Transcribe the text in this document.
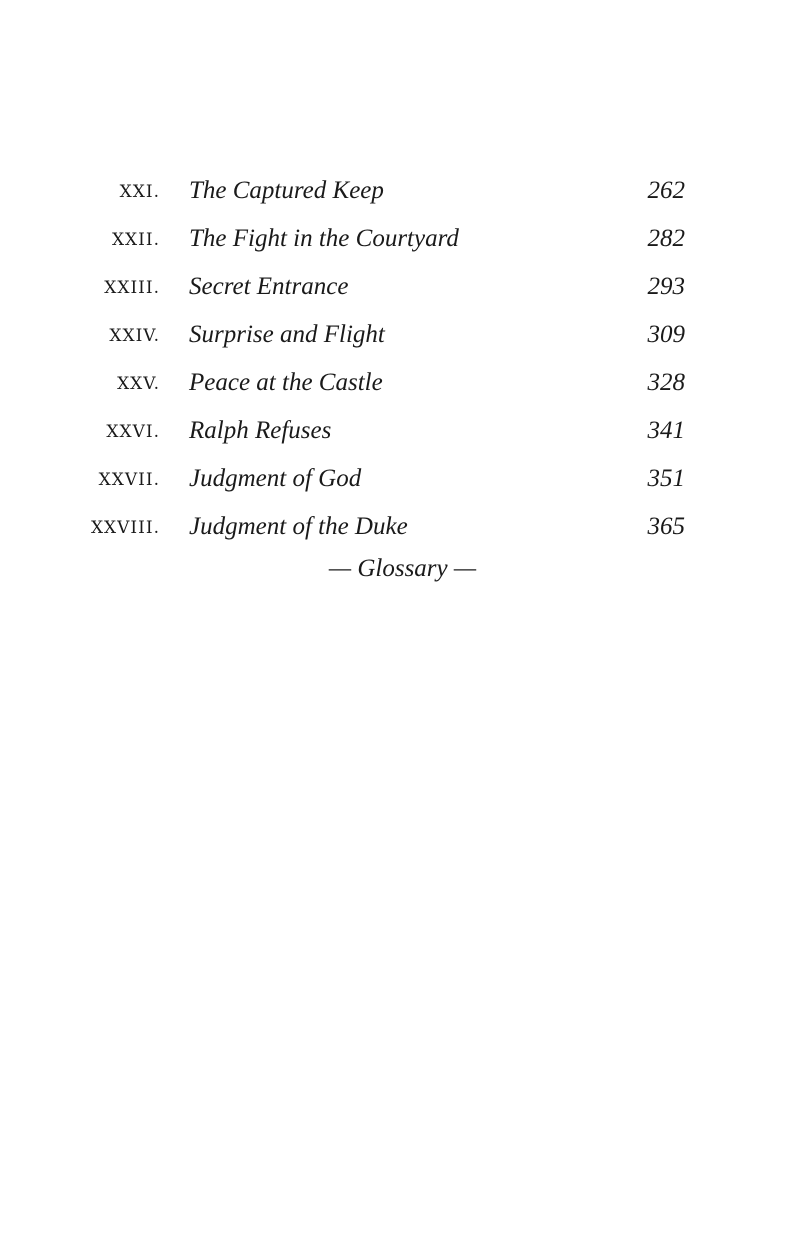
XXI. The Captured Keep	262
XXII. The Fight in the Courtyard	282
XXIII. Secret Entrance	293
XXIV. Surprise and Flight	309
XXV. Peace at the Castle	328
XXVI. Ralph Refuses	341
XXVII. Judgment of God	351
XXVIII. Judgment of the Duke	365
— Glossary —
